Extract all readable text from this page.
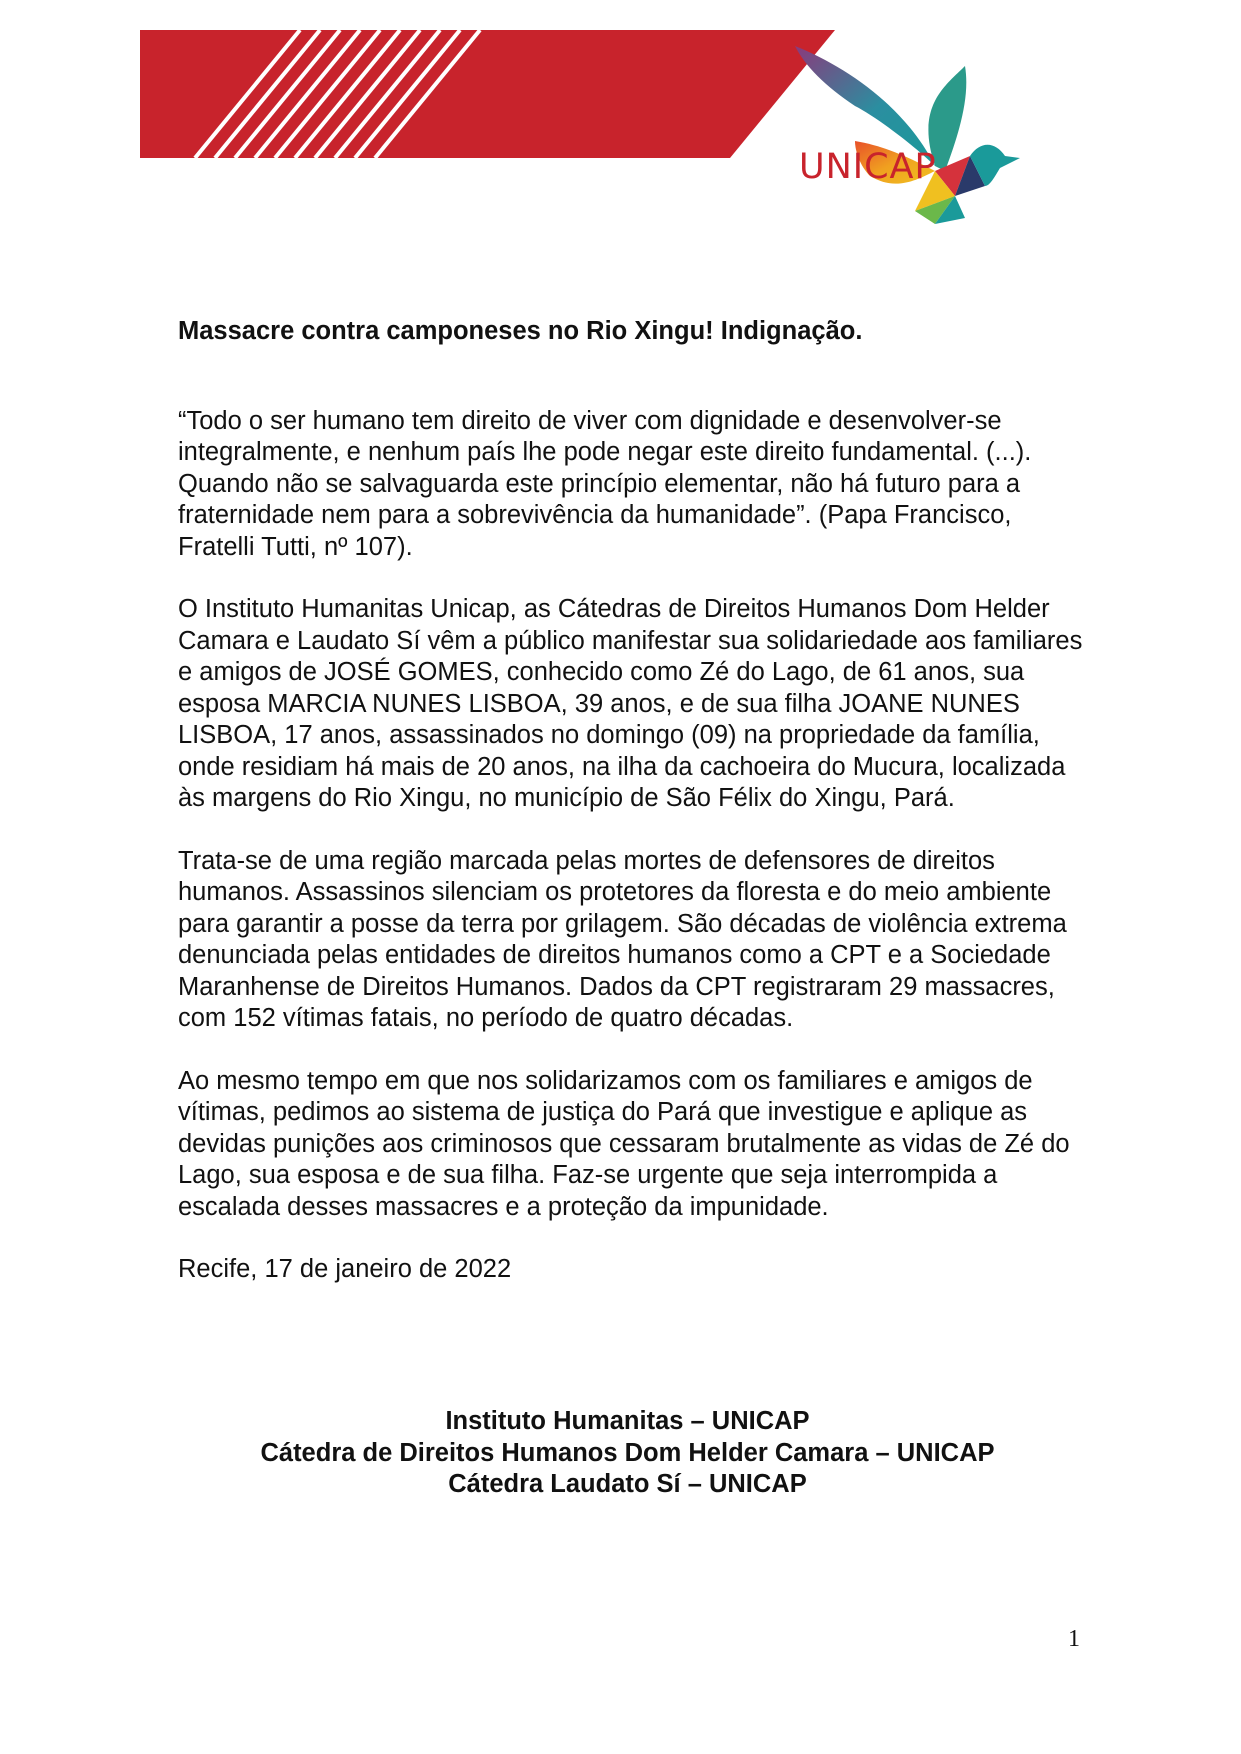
UNICAP
Massacre contra camponeses no Rio Xingu! Indignação.

“Todo o ser humano tem direito de viver com dignidade e desenvolver-se integralmente, e nenhum país lhe pode negar este direito fundamental. (...). Quando não se salvaguarda este princípio elementar, não há futuro para a fraternidade nem para a sobrevivência da humanidade”. (Papa Francisco, Fratelli Tutti, nº 107).

O Instituto Humanitas Unicap, as Cátedras de Direitos Humanos Dom Helder Camara e Laudato Sí vêm a público manifestar sua solidariedade aos familiares e amigos de JOSÉ GOMES, conhecido como Zé do Lago, de 61 anos, sua esposa MARCIA NUNES LISBOA, 39 anos, e de sua filha JOANE NUNES LISBOA, 17 anos, assassinados no domingo (09) na propriedade da família, onde residiam há mais de 20 anos, na ilha da cachoeira do Mucura, localizada às margens do Rio Xingu, no município de São Félix do Xingu, Pará.

Trata-se de uma região marcada pelas mortes de defensores de direitos humanos. Assassinos silenciam os protetores da floresta e do meio ambiente para garantir a posse da terra por grilagem. São décadas de violência extrema denunciada pelas entidades de direitos humanos como a CPT e a Sociedade Maranhense de Direitos Humanos. Dados da CPT registraram 29 massacres, com 152 vítimas fatais, no período de quatro décadas.

Ao mesmo tempo em que nos solidarizamos com os familiares e amigos de vítimas, pedimos ao sistema de justiça do Pará que investigue e aplique as devidas punições aos criminosos que cessaram brutalmente as vidas de Zé do Lago, sua esposa e de sua filha. Faz-se urgente que seja interrompida a escalada desses massacres e a proteção da impunidade.

Recife, 17 de janeiro de 2022

Instituto Humanitas – UNICAP
Cátedra de Direitos Humanos Dom Helder Camara – UNICAP
Cátedra Laudato Sí – UNICAP
1
